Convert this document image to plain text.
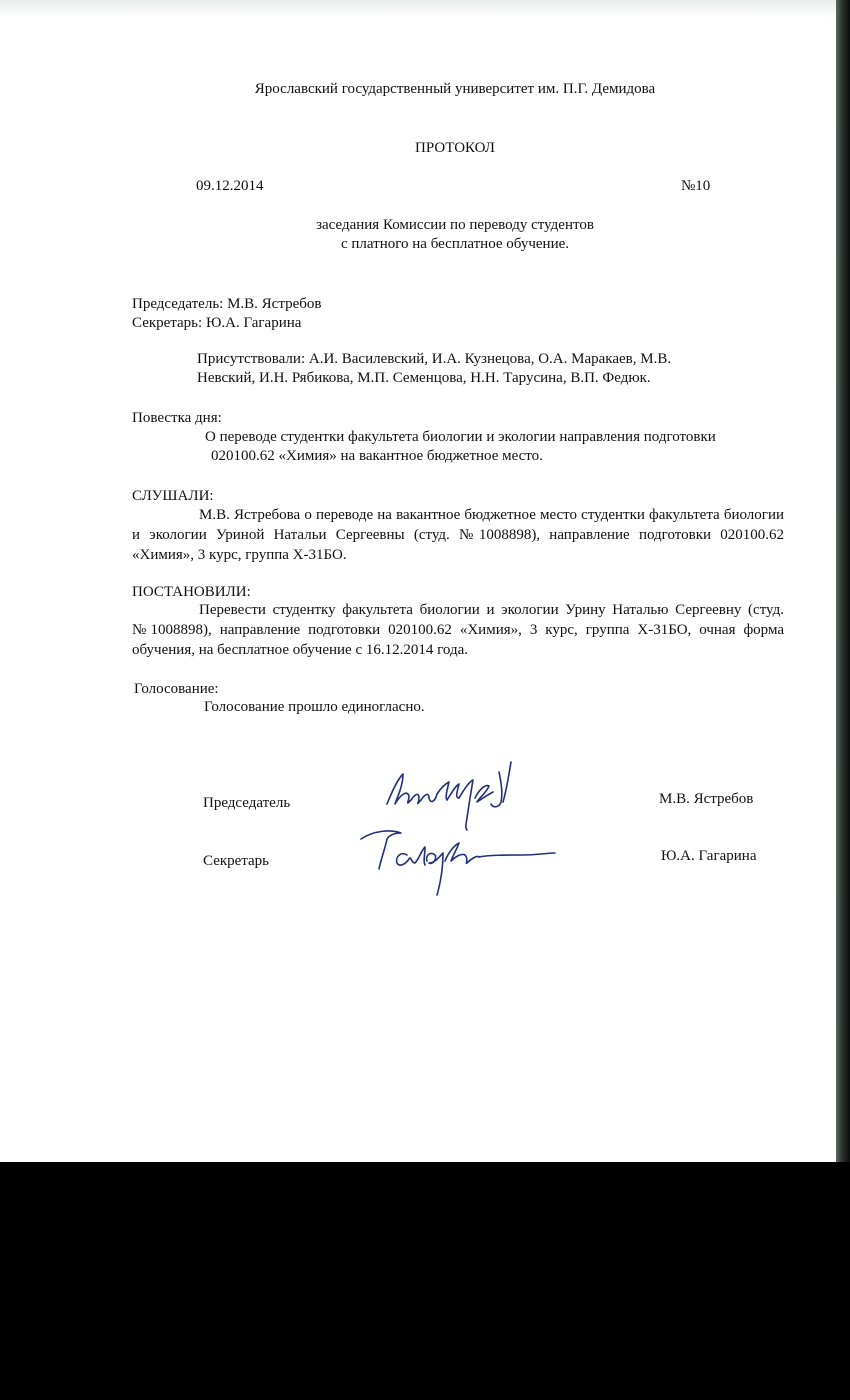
Ярославский государственный университет им. П.Г. Демидова

ПРОТОКОЛ

09.12.2014	№10

заседания Комиссии по переводу студентов

с платного на бесплатное обучение.

Председатель: М.В. Ястребов

Секретарь: Ю.А. Гагарина

Присутствовали: А.И. Василевский, И.А. Кузнецова, О.А. Маракаев, М.В.

Невский, И.Н. Рябикова, М.П. Семенцова, Н.Н. Тарусина, В.П. Федюк.

Повестка дня:

О переводе студентки факультета биологии и экологии направления подготовки

020100.62 «Химия» на вакантное бюджетное место.

СЛУШАЛИ:

М.В. Ястребова о переводе на вакантное бюджетное место студентки факультета биологии и экологии Уриной Натальи Сергеевны (студ. №1008898), направление подготовки 020100.62 «Химия», 3 курс, группа Х-31БО.

ПОСТАНОВИЛИ:

Перевести студентку факультета биологии и экологии Урину Наталью Сергеевну (студ. №1008898), направление подготовки 020100.62 «Химия», 3 курс, группа Х-31БО, очная форма обучения, на бесплатное обучение с 16.12.2014 года.

Голосование:

Голосование прошло единогласно.

Председатель	М.В. Ястребов

Секретарь	Ю.А. Гагарина
